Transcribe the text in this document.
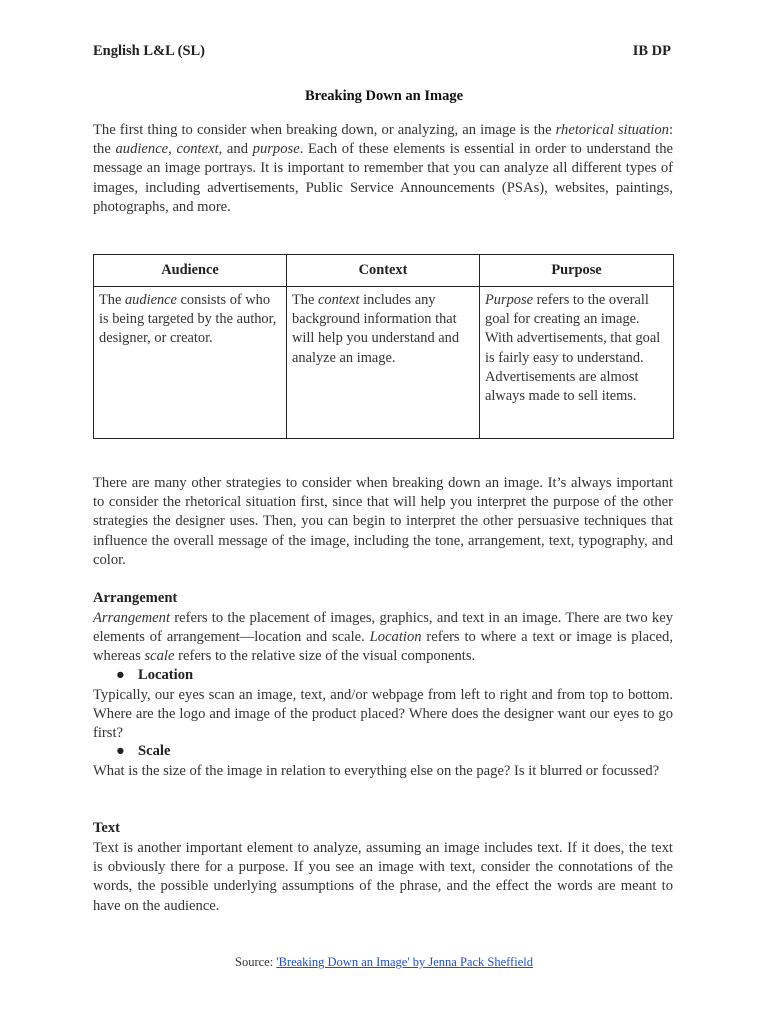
English L&L (SL)	IB DP
Breaking Down an Image

The first thing to consider when breaking down, or analyzing, an image is the rhetorical situation: the audience, context, and purpose. Each of these elements is essential in order to understand the message an image portrays. It is important to remember that you can analyze all different types of images, including advertisements, Public Service Announcements (PSAs), websites, paintings, photographs, and more.

Audience	Context	Purpose
The audience consists of who is being targeted by the author, designer, or creator.	The context includes any background information that will help you understand and analyze an image.	Purpose refers to the overall goal for creating an image. With advertisements, that goal is fairly easy to understand. Advertisements are almost always made to sell items.

There are many other strategies to consider when breaking down an image. It’s always important to consider the rhetorical situation first, since that will help you interpret the purpose of the other strategies the designer uses. Then, you can begin to interpret the other persuasive techniques that influence the overall message of the image, including the tone, arrangement, text, typography, and color.

Arrangement

Arrangement refers to the placement of images, graphics, and text in an image. There are two key elements of arrangement—location and scale. Location refers to where a text or image is placed, whereas scale refers to the relative size of the visual components.

● Location

Typically, our eyes scan an image, text, and/or webpage from left to right and from top to bottom. Where are the logo and image of the product placed? Where does the designer want our eyes to go first?

● Scale

What is the size of the image in relation to everything else on the page? Is it blurred or focussed?

Text

Text is another important element to analyze, assuming an image includes text. If it does, the text is obviously there for a purpose. If you see an image with text, consider the connotations of the words, the possible underlying assumptions of the phrase, and the effect the words are meant to have on the audience.

Source: 'Breaking Down an Image' by Jenna Pack Sheffield
